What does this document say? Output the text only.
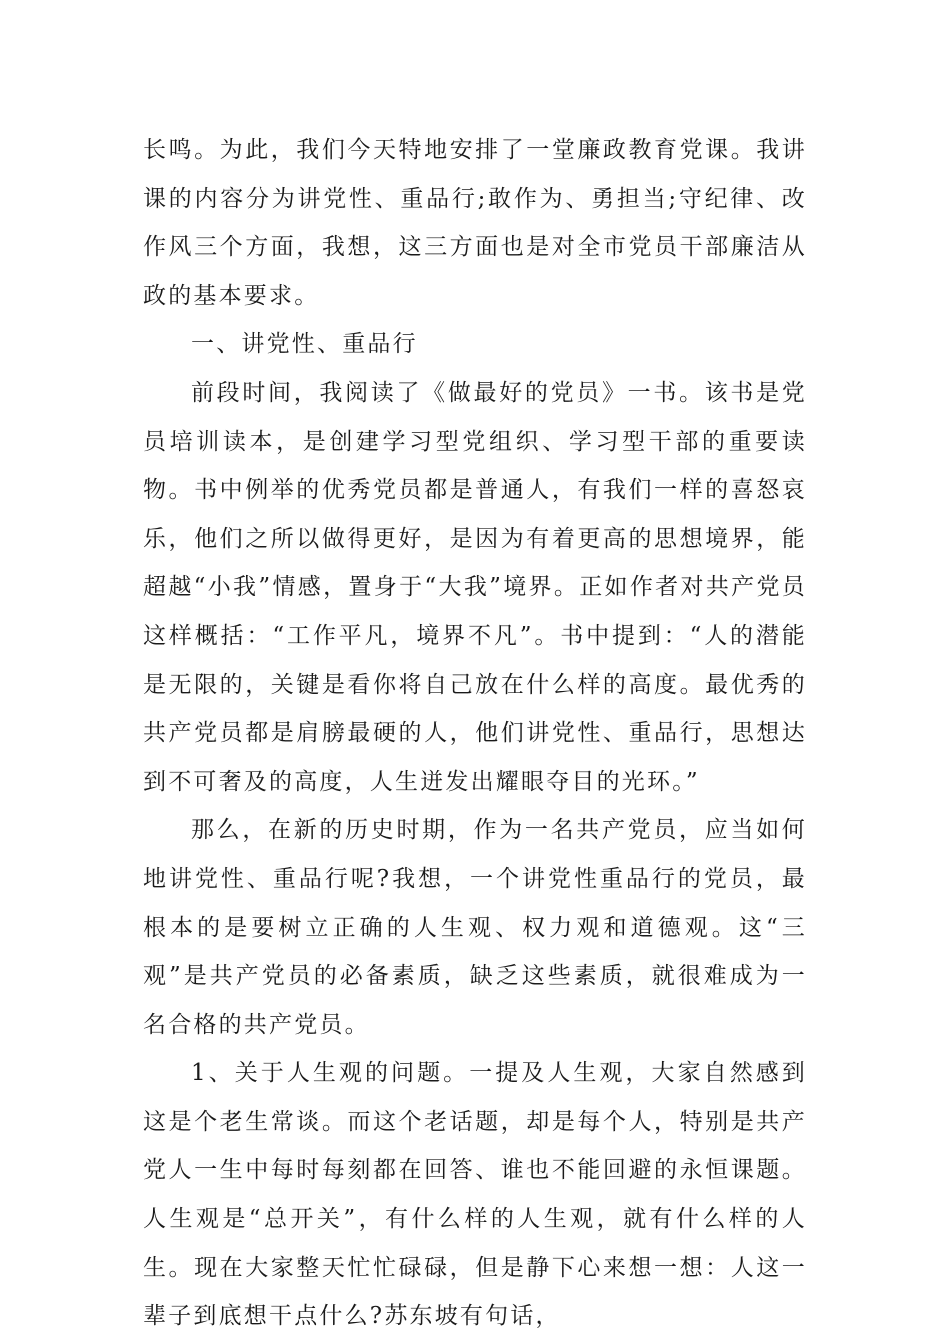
长鸣。为此，我们今天特地安排了一堂廉政教育党课。我讲课的内容分为讲党性、重品行;敢作为、勇担当;守纪律、改作风三个方面，我想，这三方面也是对全市党员干部廉洁从政的基本要求。

一、讲党性、重品行

前段时间，我阅读了《做最好的党员》一书。该书是党员培训读本，是创建学习型党组织、学习型干部的重要读物。书中例举的优秀党员都是普通人，有我们一样的喜怒哀乐，他们之所以做得更好，是因为有着更高的思想境界，能超越“小我”情感，置身于“大我”境界。正如作者对共产党员这样概括：“工作平凡，境界不凡”。书中提到：“人的潜能是无限的，关键是看你将自己放在什么样的高度。最优秀的共产党员都是肩膀最硬的人，他们讲党性、重品行，思想达到不可奢及的高度，人生迸发出耀眼夺目的光环。”

那么，在新的历史时期，作为一名共产党员，应当如何地讲党性、重品行呢?我想，一个讲党性重品行的党员，最根本的是要树立正确的人生观、权力观和道德观。这“三观”是共产党员的必备素质，缺乏这些素质，就很难成为一名合格的共产党员。

1、关于人生观的问题。一提及人生观，大家自然感到这是个老生常谈。而这个老话题，却是每个人，特别是共产党人一生中每时每刻都在回答、谁也不能回避的永恒课题。人生观是“总开关”，有什么样的人生观，就有什么样的人生。现在大家整天忙忙碌碌，但是静下心来想一想：人这一辈子到底想干点什么?苏东坡有句话，
